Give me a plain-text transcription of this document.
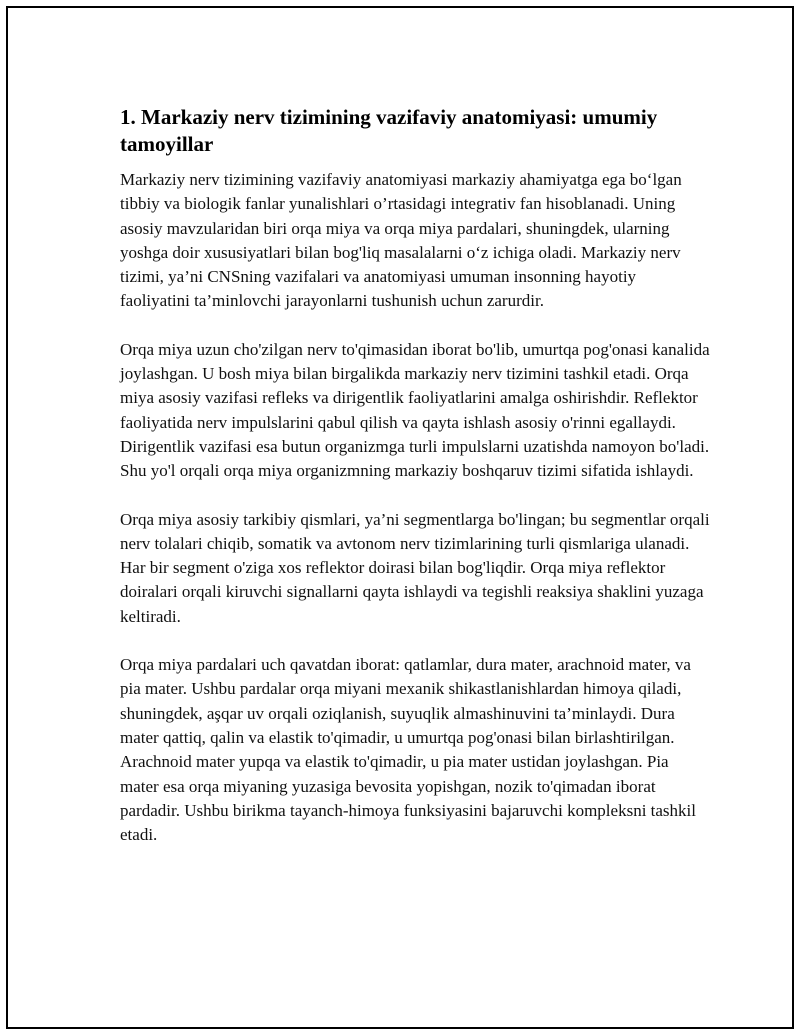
1. Markaziy nerv tizimining vazifaviy anatomiyasi: umumiy tamoyillar

Markaziy nerv tizimining vazifaviy anatomiyasi markaziy ahamiyatga ega bo‘lgan tibbiy va biologik fanlar yunalishlari o’rtasidagi integrativ fan hisoblanadi. Uning asosiy mavzularidan biri orqa miya va orqa miya pardalari, shuningdek, ularning yoshga doir xususiyatlari bilan bog'liq masalalarni o‘z ichiga oladi. Markaziy nerv tizimi, ya’ni CNSning vazifalari va anatomiyasi umuman insonning hayotiy faoliyatini ta’minlovchi jarayonlarni tushunish uchun zarurdir.

Orqa miya uzun cho'zilgan nerv to'qimasidan iborat bo'lib, umurtqa pog'onasi kanalida joylashgan. U bosh miya bilan birgalikda markaziy nerv tizimini tashkil etadi. Orqa miya asosiy vazifasi refleks va dirigentlik faoliyatlarini amalga oshirishdir. Reflektor faoliyatida nerv impulslarini qabul qilish va qayta ishlash asosiy o'rinni egallaydi. Dirigentlik vazifasi esa butun organizmga turli impulslarni uzatishda namoyon bo'ladi. Shu yo'l orqali orqa miya organizmning markaziy boshqaruv tizimi sifatida ishlaydi.

Orqa miya asosiy tarkibiy qismlari, ya’ni segmentlarga bo'lingan; bu segmentlar orqali nerv tolalari chiqib, somatik va avtonom nerv tizimlarining turli qismlariga ulanadi. Har bir segment o'ziga xos reflektor doirasi bilan bog'liqdir. Orqa miya reflektor doiralari orqali kiruvchi signallarni qayta ishlaydi va tegishli reaksiya shaklini yuzaga keltiradi.

Orqa miya pardalari uch qavatdan iborat: qatlamlar, dura mater, arachnoid mater, va pia mater. Ushbu pardalar orqa miyani mexanik shikastlanishlardan himoya qiladi, shuningdek, aşqar uv orqali oziqlanish, suyuqlik almashinuvini ta’minlaydi. Dura mater qattiq, qalin va elastik to'qimadir, u umurtqa pog'onasi bilan birlashtirilgan. Arachnoid mater yupqa va elastik to'qimadir, u pia mater ustidan joylashgan. Pia mater esa orqa miyaning yuzasiga bevosita yopishgan, nozik to'qimadan iborat pardadir. Ushbu birikma tayanch-himoya funksiyasini bajaruvchi kompleksni tashkil etadi.
